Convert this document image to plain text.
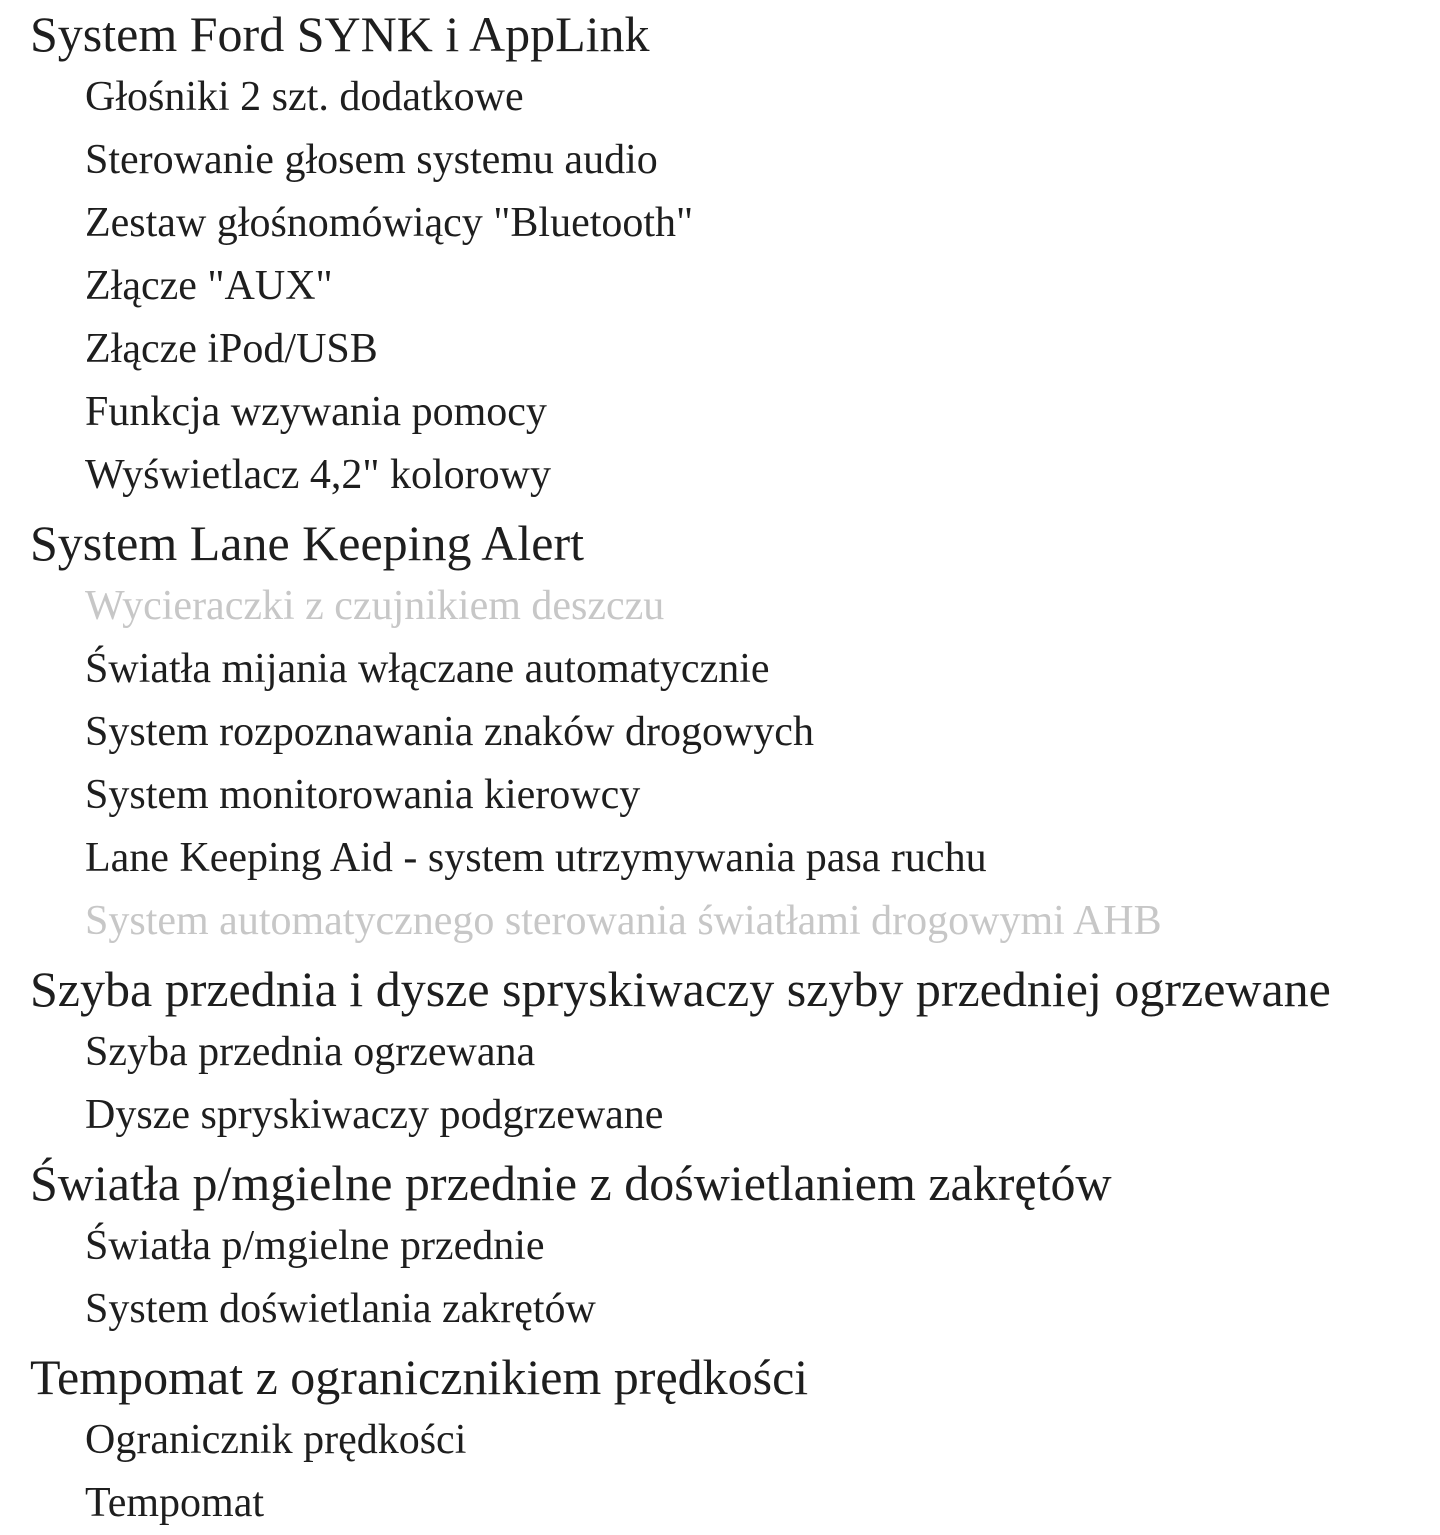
System Ford SYNK i AppLink
Głośniki 2 szt. dodatkowe
Sterowanie głosem systemu audio
Zestaw głośnomówiący "Bluetooth"
Złącze "AUX"
Złącze iPod/USB
Funkcja wzywania pomocy
Wyświetlacz 4,2" kolorowy
System Lane Keeping Alert
Wycieraczki z czujnikiem deszczu
Światła mijania włączane automatycznie
System rozpoznawania znaków drogowych
System monitorowania kierowcy
Lane Keeping Aid - system utrzymywania pasa ruchu
System automatycznego sterowania światłami drogowymi AHB
Szyba przednia i dysze spryskiwaczy szyby przedniej ogrzewane
Szyba przednia ogrzewana
Dysze spryskiwaczy podgrzewane
Światła p/mgielne przednie z doświetlaniem zakrętów
Światła p/mgielne przednie
System doświetlania zakrętów
Tempomat z ogranicznikiem prędkości
Ogranicznik prędkości
Tempomat
